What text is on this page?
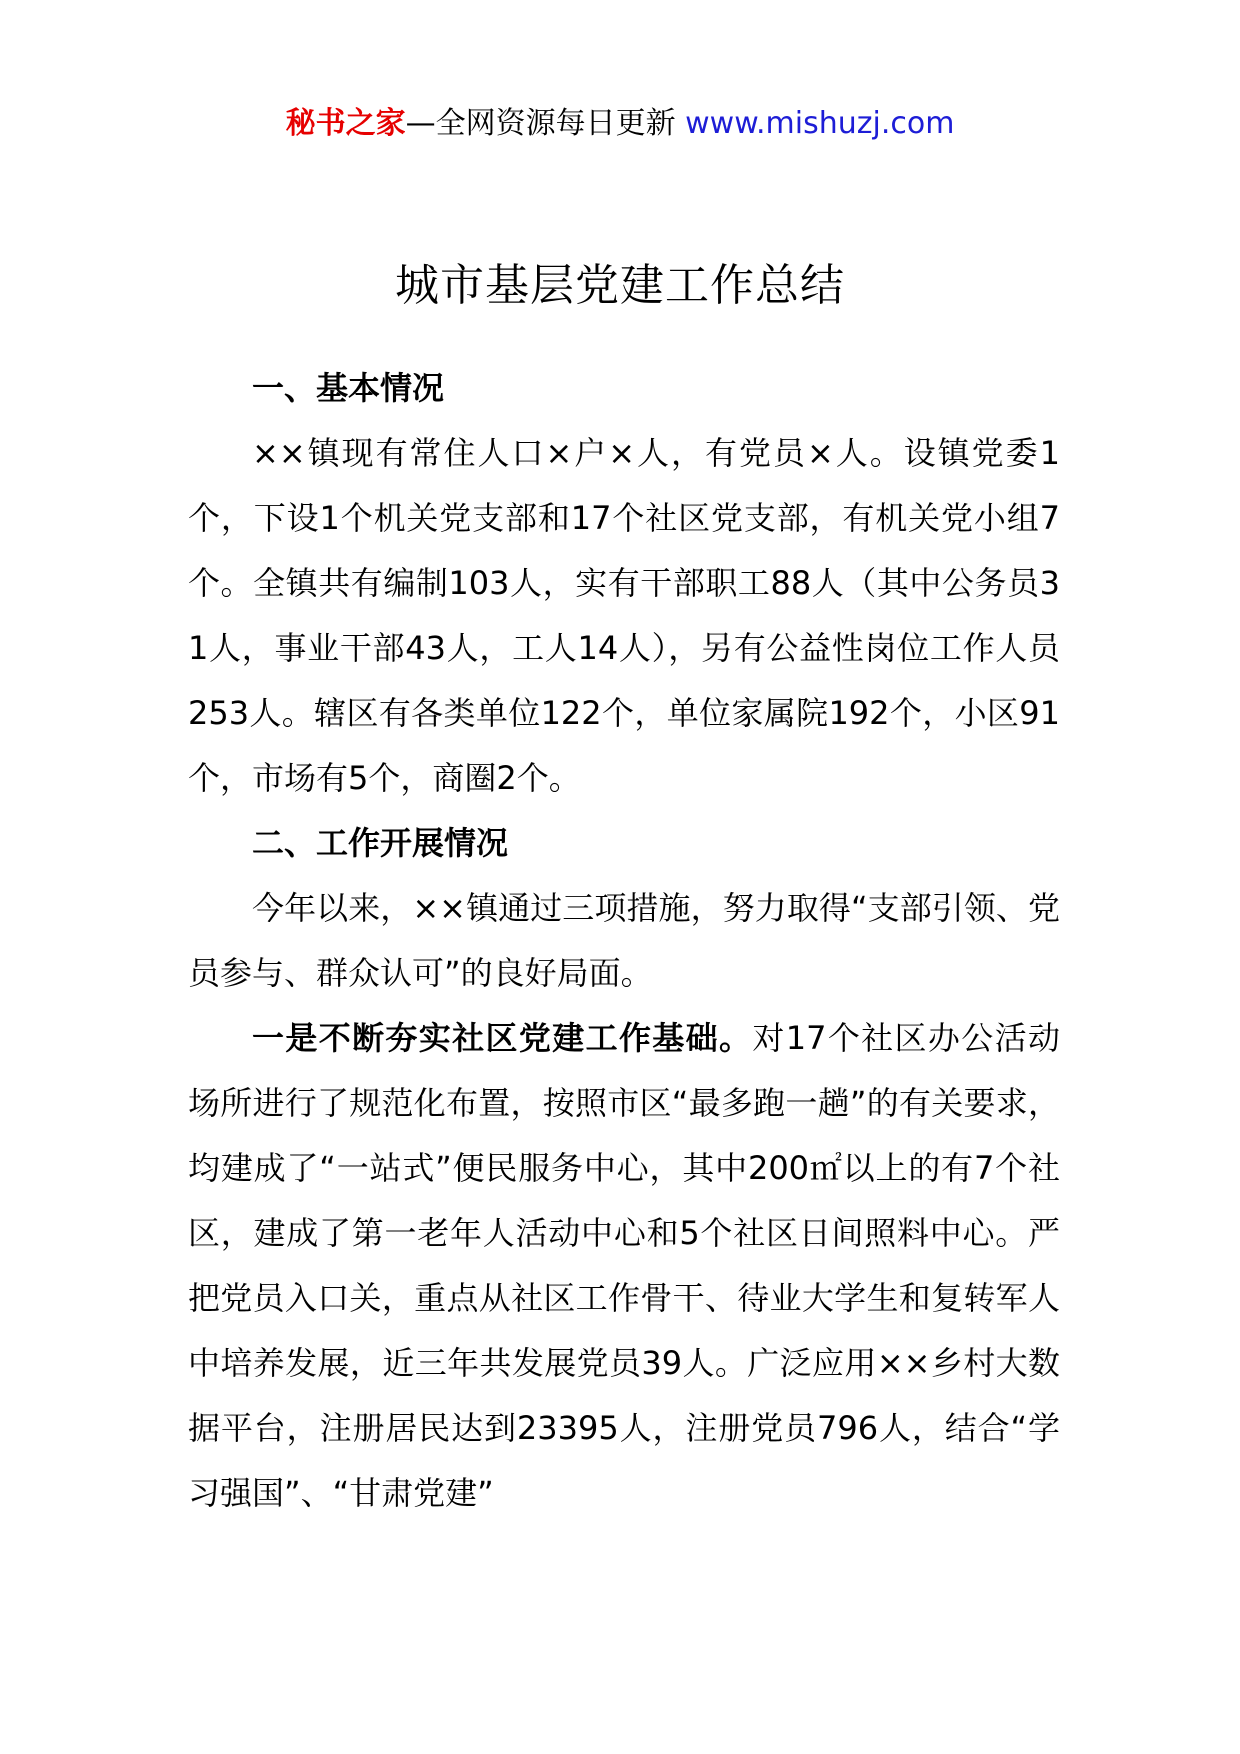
秘书之家—全网资源每日更新 www.mishuzj.com
城市基层党建工作总结

一、基本情况

××镇现有常住人口×户×人，有党员×人。设镇党委1个，下设1个机关党支部和17个社区党支部，有机关党小组7个。全镇共有编制103人，实有干部职工88人（其中公务员31人，事业干部43人，工人14人），另有公益性岗位工作人员253人。辖区有各类单位122个，单位家属院192个，小区91个，市场有5个，商圈2个。

二、工作开展情况

今年以来，××镇通过三项措施，努力取得“支部引领、党员参与、群众认可”的良好局面。

一是不断夯实社区党建工作基础。对17个社区办公活动场所进行了规范化布置，按照市区“最多跑一趟”的有关要求，均建成了“一站式”便民服务中心，其中200㎡以上的有7个社区，建成了第一老年人活动中心和5个社区日间照料中心。严把党员入口关，重点从社区工作骨干、待业大学生和复转军人中培养发展，近三年共发展党员39人。广泛应用××乡村大数据平台，注册居民达到23395人，注册党员796人，结合“学习强国”、“甘肃党建”
